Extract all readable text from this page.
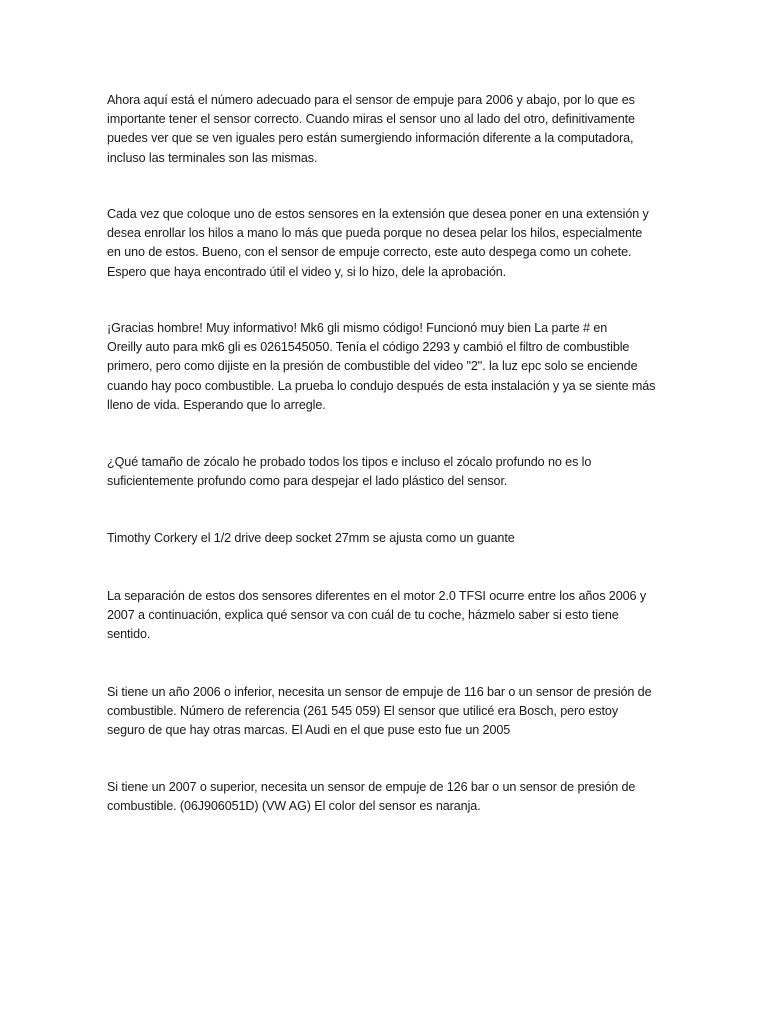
Ahora aquí está el número adecuado para el sensor de empuje para 2006 y abajo, por lo que es
importante tener el sensor correcto. Cuando miras el sensor uno al lado del otro, definitivamente
puedes ver que se ven iguales pero están sumergiendo información diferente a la computadora,
incluso las terminales son las mismas.

Cada vez que coloque uno de estos sensores en la extensión que desea poner en una extensión y
desea enrollar los hilos a mano lo más que pueda porque no desea pelar los hilos, especialmente
en uno de estos. Bueno, con el sensor de empuje correcto, este auto despega como un cohete.
Espero que haya encontrado útil el video y, si lo hizo, dele la aprobación.

¡Gracias hombre! Muy informativo! Mk6 gli mismo código! Funcionó muy bien La parte # en
Oreilly auto para mk6 gli es 0261545050. Tenía el código 2293 y cambió el filtro de combustible
primero, pero como dijiste en la presión de combustible del video "2". la luz epc solo se enciende
cuando hay poco combustible. La prueba lo condujo después de esta instalación y ya se siente más
lleno de vida. Esperando que lo arregle.

¿Qué tamaño de zócalo he probado todos los tipos e incluso el zócalo profundo no es lo
suficientemente profundo como para despejar el lado plástico del sensor.

Timothy Corkery el 1/2 drive deep socket 27mm se ajusta como un guante

La separación de estos dos sensores diferentes en el motor 2.0 TFSI ocurre entre los años 2006 y
2007 a continuación, explica qué sensor va con cuál de tu coche, házmelo saber si esto tiene
sentido.

Si tiene un año 2006 o inferior, necesita un sensor de empuje de 116 bar o un sensor de presión de
combustible. Número de referencia (261 545 059) El sensor que utilicé era Bosch, pero estoy
seguro de que hay otras marcas. El Audi en el que puse esto fue un 2005

Si tiene un 2007 o superior, necesita un sensor de empuje de 126 bar o un sensor de presión de
combustible. (06J906051D) (VW AG) El color del sensor es naranja.
